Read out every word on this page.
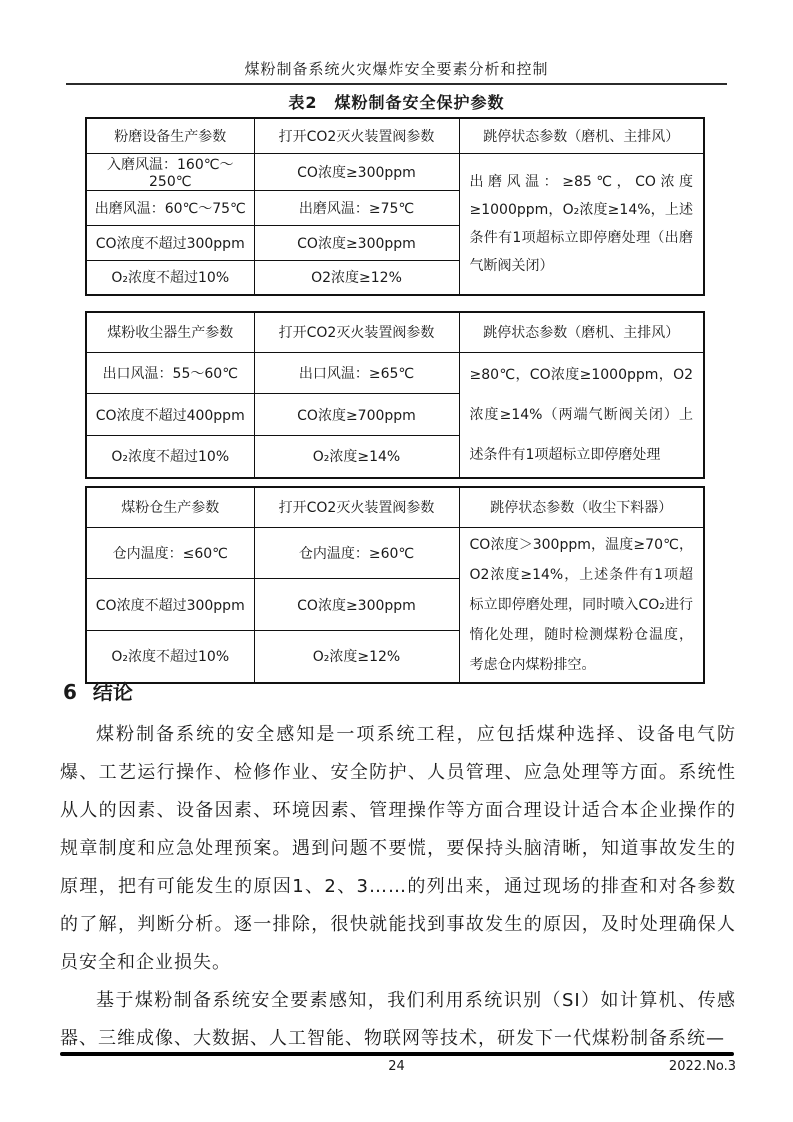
煤粉制备系统火灾爆炸安全要素分析和控制
表2　煤粉制备安全保护参数
粉磨设备生产参数	打开CO2灭火装置阀参数	跳停状态参数（磨机、主排风）
入磨风温：160℃～250℃	CO浓度≥300ppm	出磨风温：≥85℃，CO浓度≥1000ppm，O₂浓度≥14%，上述条件有1项超标立即停磨处理（出磨气断阀关闭）
出磨风温：60℃～75℃	出磨风温：≥75℃	
CO浓度不超过300ppm	CO浓度≥300ppm	
O₂浓度不超过10%	O2浓度≥12%	
煤粉收尘器生产参数	打开CO2灭火装置阀参数	跳停状态参数（磨机、主排风）
出口风温：55～60℃	出口风温：≥65℃	≥80℃，CO浓度≥1000ppm，O2浓度≥14%（两端气断阀关闭）上述条件有1项超标立即停磨处理
CO浓度不超过400ppm	CO浓度≥700ppm	
O₂浓度不超过10%	O₂浓度≥14%	
煤粉仓生产参数	打开CO2灭火装置阀参数	跳停状态参数（收尘下料器）
仓内温度：≤60℃	仓内温度：≥60℃	CO浓度＞300ppm，温度≥70℃，O2浓度≥14%，上述条件有1项超标立即停磨处理，同时喷入CO₂进行惰化处理，随时检测煤粉仓温度，考虑仓内煤粉排空。
CO浓度不超过300ppm	CO浓度≥300ppm	
O₂浓度不超过10%	O₂浓度≥12%	
6 结论

煤粉制备系统的安全感知是一项系统工程，应包括煤种选择、设备电气防爆、工艺运行操作、检修作业、安全防护、人员管理、应急处理等方面。系统性从人的因素、设备因素、环境因素、管理操作等方面合理设计适合本企业操作的规章制度和应急处理预案。遇到问题不要慌，要保持头脑清晰，知道事故发生的原理，把有可能发生的原因1、2、3……的列出来，通过现场的排查和对各参数的了解，判断分析。逐一排除，很快就能找到事故发生的原因，及时处理确保人员安全和企业损失。

基于煤粉制备系统安全要素感知，我们利用系统识别（SI）如计算机、传感器、三维成像、大数据、人工智能、物联网等技术，研发下一代煤粉制备系统—

24	2022.No.3
